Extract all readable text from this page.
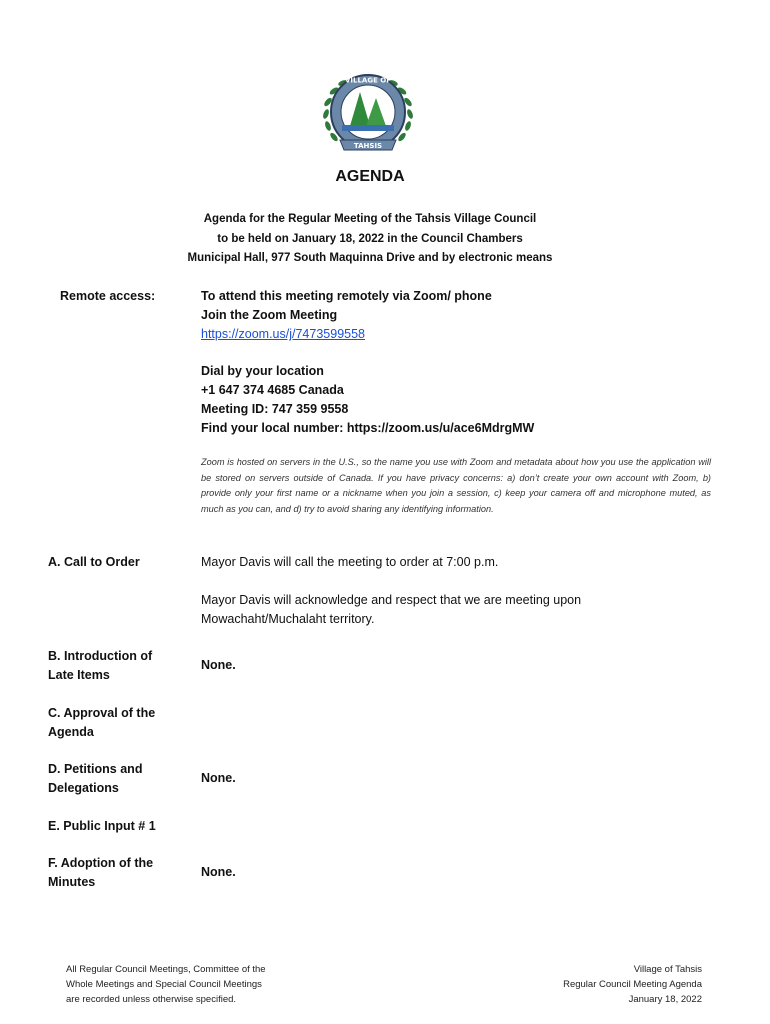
VILLAGE OF
TAHSIS
AGENDA
Agenda for the Regular Meeting of the Tahsis Village Council
to be held on January 18, 2022 in the Council Chambers
Municipal Hall, 977 South Maquinna Drive and by electronic means
Remote access:	To attend this meeting remotely via Zoom/ phone
Join the Zoom Meeting
https://zoom.us/j/7473599558
Dial by your location
+1 647 374 4685 Canada
Meeting ID: 747 359 9558
Find your local number: https://zoom.us/u/ace6MdrgMW
Zoom is hosted on servers in the U.S., so the name you use with Zoom and metadata about how you use the application will be stored on servers outside of Canada. If you have privacy concerns: a) don’t create your own account with Zoom, b) provide only your first name or a nickname when you join a session, c) keep your camera off and microphone muted, as much as you can, and d) try to avoid sharing any identifying information.
A. Call to Order	Mayor Davis will call the meeting to order at 7:00 p.m.
Mayor Davis will acknowledge and respect that we are meeting upon Mowachaht/Muchalaht territory.
B. Introduction of Late Items
None.
C. Approval of the Agenda
D. Petitions and Delegations
None.
E. Public Input # 1
F. Adoption of the Minutes
None.
All Regular Council Meetings, Committee of the
Whole Meetings and Special Council Meetings
are recorded unless otherwise specified.
Village of Tahsis
Regular Council Meeting Agenda
January 18, 2022
